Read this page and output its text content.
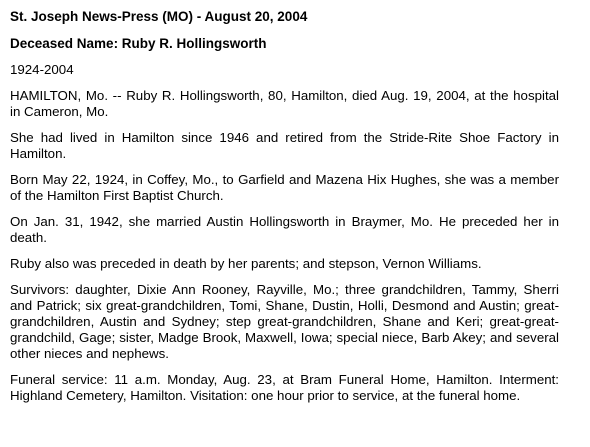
St. Joseph News-Press (MO) - August 20, 2004
Deceased Name: Ruby R. Hollingsworth
1924-2004

HAMILTON, Mo. -- Ruby R. Hollingsworth, 80, Hamilton, died Aug. 19, 2004, at the hospital in Cameron, Mo.

She had lived in Hamilton since 1946 and retired from the Stride-Rite Shoe Factory in Hamilton.

Born May 22, 1924, in Coffey, Mo., to Garfield and Mazena Hix Hughes, she was a member of the Hamilton First Baptist Church.

On Jan. 31, 1942, she married Austin Hollingsworth in Braymer, Mo. He preceded her in death.

Ruby also was preceded in death by her parents; and stepson, Vernon Williams.

Survivors: daughter, Dixie Ann Rooney, Rayville, Mo.; three grandchildren, Tammy, Sherri and Patrick; six great-grandchildren, Tomi, Shane, Dustin, Holli, Desmond and Austin; great-grandchildren, Austin and Sydney; step great-grandchildren, Shane and Keri; great-great-grandchild, Gage; sister, Madge Brook, Maxwell, Iowa; special niece, Barb Akey; and several other nieces and nephews.

Funeral service: 11 a.m. Monday, Aug. 23, at Bram Funeral Home, Hamilton. Interment: Highland Cemetery, Hamilton. Visitation: one hour prior to service, at the funeral home.
